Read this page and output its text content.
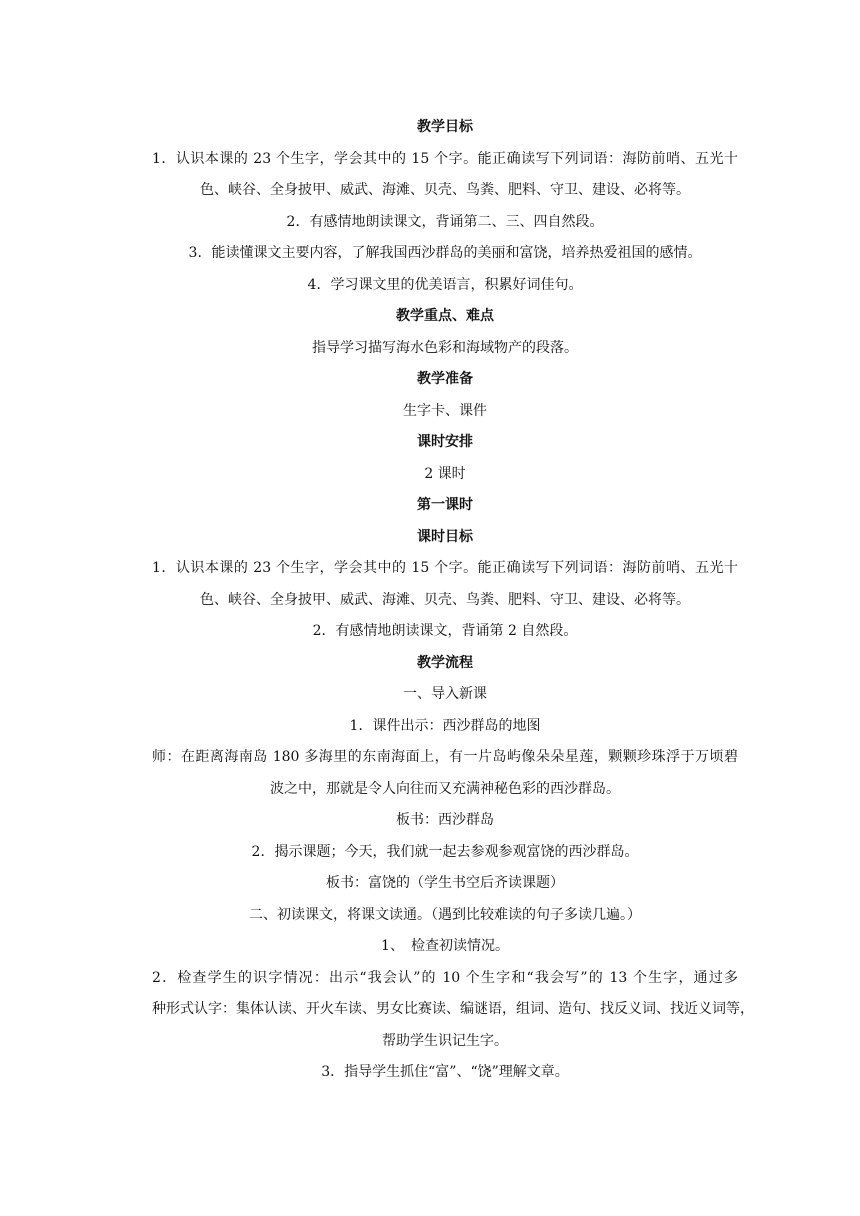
教学目标

1．认识本课的 23 个生字，学会其中的 15 个字。能正确读写下列词语：海防前哨、五光十
色、峡谷、全身披甲、威武、海滩、贝壳、鸟粪、肥料、守卫、建设、必将等。

2．有感情地朗读课文，背诵第二、三、四自然段。

3．能读懂课文主要内容，了解我国西沙群岛的美丽和富饶，培养热爱祖国的感情。

4．学习课文里的优美语言，积累好词佳句。

教学重点、难点

指导学习描写海水色彩和海域物产的段落。

教学准备

生字卡、课件

课时安排

2 课时

第一课时

课时目标

1．认识本课的 23 个生字，学会其中的 15 个字。能正确读写下列词语：海防前哨、五光十
色、峡谷、全身披甲、威武、海滩、贝壳、鸟粪、肥料、守卫、建设、必将等。

2．有感情地朗读课文，背诵第 2 自然段。

教学流程

一、导入新课

1．课件出示：西沙群岛的地图

师：在距离海南岛 180 多海里的东南海面上，有一片岛屿像朵朵星莲，颗颗珍珠浮于万顷碧
波之中，那就是令人向往而又充满神秘色彩的西沙群岛。

板书：西沙群岛

2．揭示课题；今天，我们就一起去参观参观富饶的西沙群岛。

板书：富饶的（学生书空后齐读课题）

二、初读课文，将课文读通。（遇到比较难读的句子多读几遍。）

1、　检查初读情况。

2．检查学生的识字情况：出示“我会认”的 10 个生字和“我会写”的 13 个生字，通过多
种形式认字：集体认读、开火车读、男女比赛读、编谜语，组词、造句、找反义词、找近义词等，
帮助学生识记生字。

3．指导学生抓住“富”、“饶”理解文章。
